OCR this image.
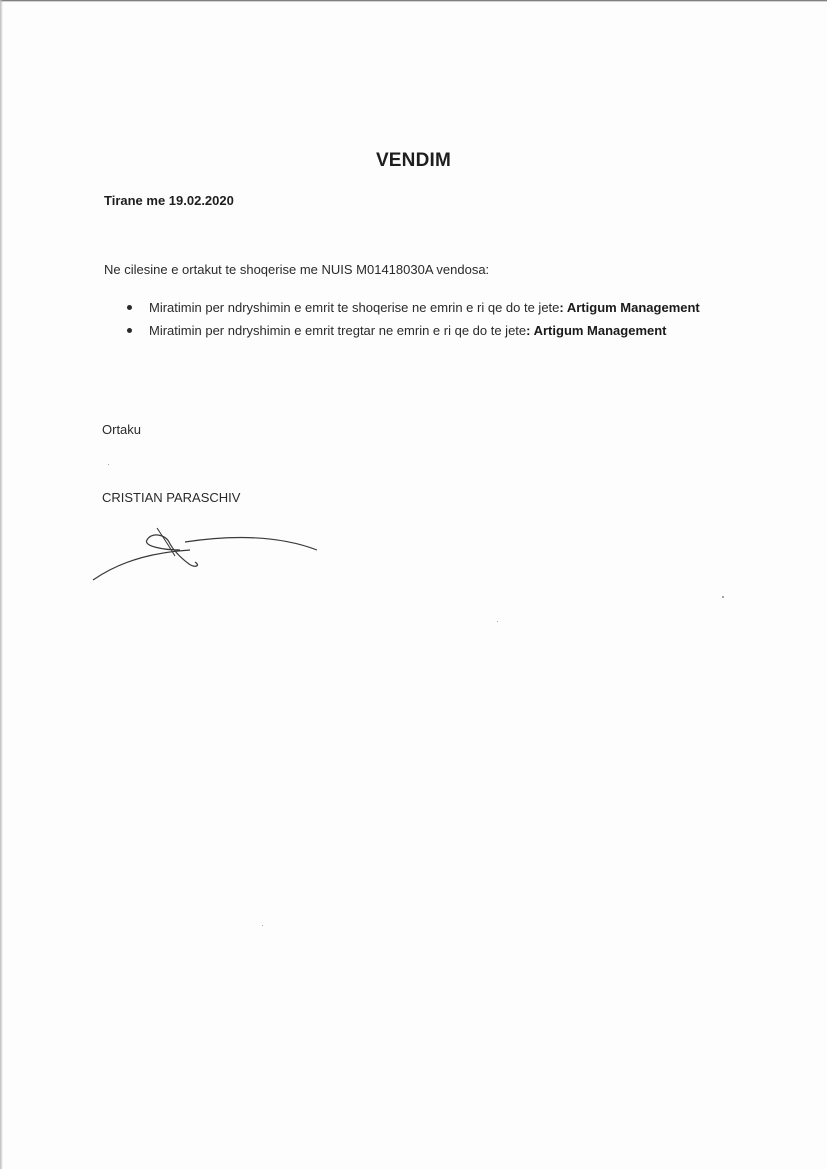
VENDIM
Tirane me 19.02.2020
Ne cilesine e ortakut te shoqerise me NUIS M01418030A vendosa:
Miratimin per ndryshimin e emrit te shoqerise ne emrin e ri qe do te jete: Artigum Management
Miratimin per ndryshimin e emrit tregtar ne emrin e ri qe do te jete: Artigum Management
Ortaku
CRISTIAN PARASCHIV
